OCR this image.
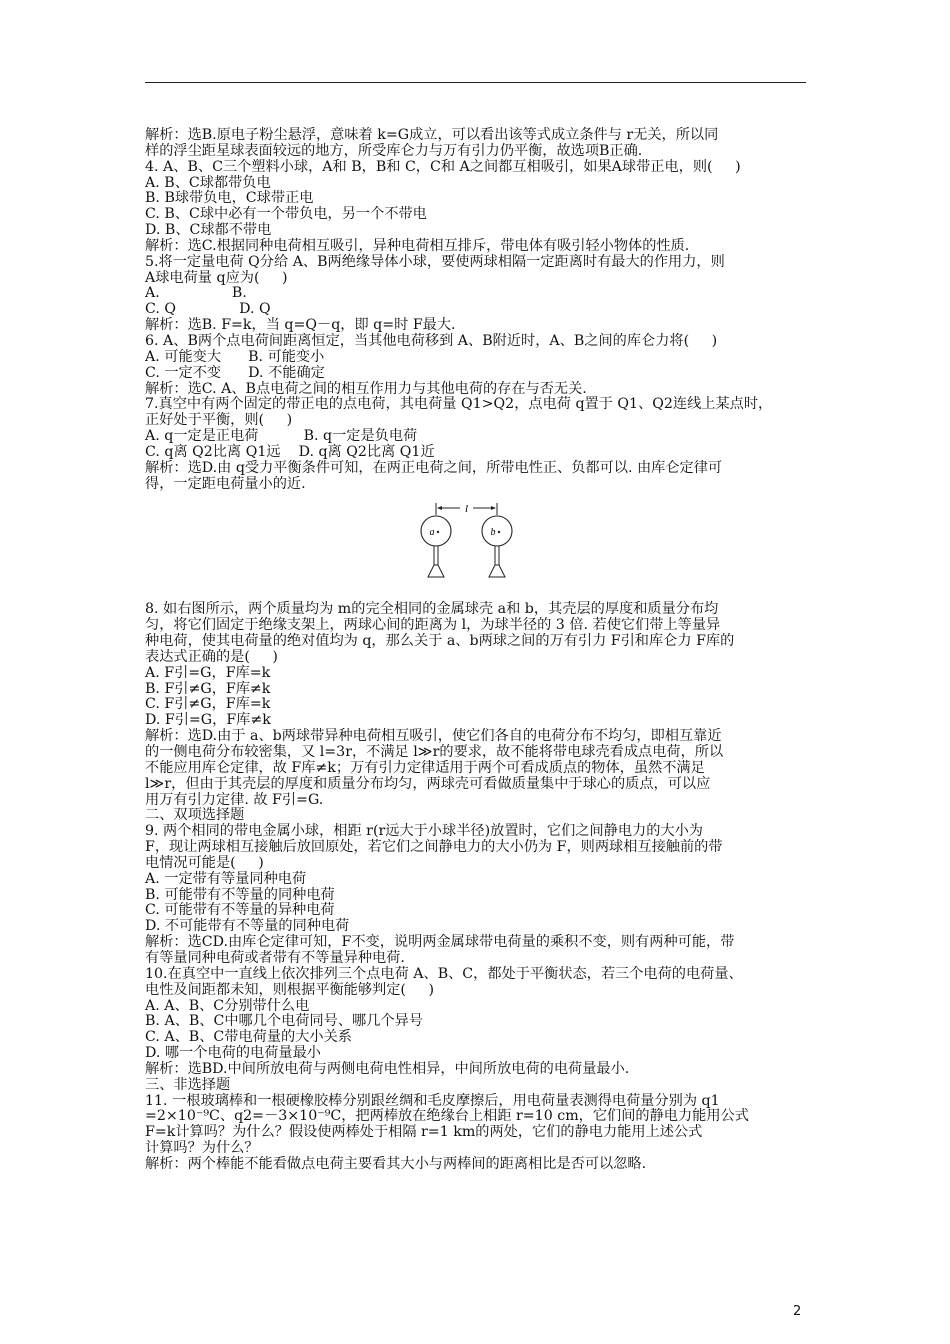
解析：选B.原电子粉尘悬浮，意味着 k=G成立，可以看出该等式成立条件与 r无关，所以同
样的浮尘距星球表面较远的地方，所受库仑力与万有引力仍平衡，故选项B正确.
4. A、B、C三个塑料小球，A和 B，B和 C，C和 A之间都互相吸引，如果A球带正电，则(     )
A. B、C球都带负电
B. B球带负电，C球带正电
C. B、C球中必有一个带负电，另一个不带电
D. B、C球都不带电
解析：选C.根据同种电荷相互吸引，异种电荷相互排斥，带电体有吸引轻小物体的性质.
5.将一定量电荷 Q分给 A、B两绝缘导体小球，要使两球相隔一定距离时有最大的作用力，则
A球电荷量 q应为(     )
A.                B.
C. Q              D. Q
解析：选B. F=k，当 q=Q－q，即 q=时 F最大.
6. A、B两个点电荷间距离恒定，当其他电荷移到 A、B附近时，A、B之间的库仑力将(     )
A. 可能变大      B. 可能变小
C. 一定不变      D. 不能确定
解析：选C. A、B点电荷之间的相互作用力与其他电荷的存在与否无关.
7.真空中有两个固定的带正电的点电荷，其电荷量 Q1>Q2，点电荷 q置于 Q1、Q2连线上某点时，
正好处于平衡，则(     )
A. q一定是正电荷          B. q一定是负电荷
C. q离 Q2比离 Q1远    D. q离 Q2比离 Q1近
解析：选D.由 q受力平衡条件可知，在两正电荷之间，所带电性正、负都可以. 由库仑定律可
得，一定距电荷量小的近.
l
a	b
8. 如右图所示，两个质量均为 m的完全相同的金属球壳 a和 b，其壳层的厚度和质量分布均
匀，将它们固定于绝缘支架上，两球心间的距离为 l，为球半径的 3 倍. 若使它们带上等量异
种电荷，使其电荷量的绝对值均为 q，那么关于 a、b两球之间的万有引力 F引和库仑力 F库的
表达式正确的是(     )
A. F引=G，F库=k
B. F引≠G，F库≠k
C. F引≠G，F库=k
D. F引=G，F库≠k
解析：选D.由于 a、b两球带异种电荷相互吸引，使它们各自的电荷分布不均匀，即相互靠近
的一侧电荷分布较密集，又 l=3r，不满足 l≫r的要求，故不能将带电球壳看成点电荷，所以
不能应用库仑定律，故 F库≠k；万有引力定律适用于两个可看成质点的物体，虽然不满足
l≫r，但由于其壳层的厚度和质量分布均匀，两球壳可看做质量集中于球心的质点，可以应
用万有引力定律. 故 F引=G.
二、双项选择题
9. 两个相同的带电金属小球，相距 r(r远大于小球半径)放置时，它们之间静电力的大小为
F，现让两球相互接触后放回原处，若它们之间静电力的大小仍为 F，则两球相互接触前的带
电情况可能是(     )
A. 一定带有等量同种电荷
B. 可能带有不等量的同种电荷
C. 可能带有不等量的异种电荷
D. 不可能带有不等量的同种电荷
解析：选CD.由库仑定律可知，F不变，说明两金属球带电荷量的乘积不变，则有两种可能，带
有等量同种电荷或者带有不等量异种电荷.
10.在真空中一直线上依次排列三个点电荷 A、B、C，都处于平衡状态，若三个电荷的电荷量、
电性及间距都未知，则根据平衡能够判定(     )
A. A、B、C分别带什么电
B. A、B、C中哪几个电荷同号、哪几个异号
C. A、B、C带电荷量的大小关系
D. 哪一个电荷的电荷量最小
解析：选BD.中间所放电荷与两侧电荷电性相异，中间所放电荷的电荷量最小.
三、非选择题
11. 一根玻璃棒和一根硬橡胶棒分别跟丝绸和毛皮摩擦后，用电荷量表测得电荷量分别为 q1
=2×10⁻⁹C、q2=－3×10⁻⁹C，把两棒放在绝缘台上相距 r=10 cm，它们间的静电力能用公式
F=k计算吗？为什么？假设使两棒处于相隔 r=1 km的两处，它们的静电力能用上述公式
计算吗？为什么？
解析：两个棒能不能看做点电荷主要看其大小与两棒间的距离相比是否可以忽略.
2
